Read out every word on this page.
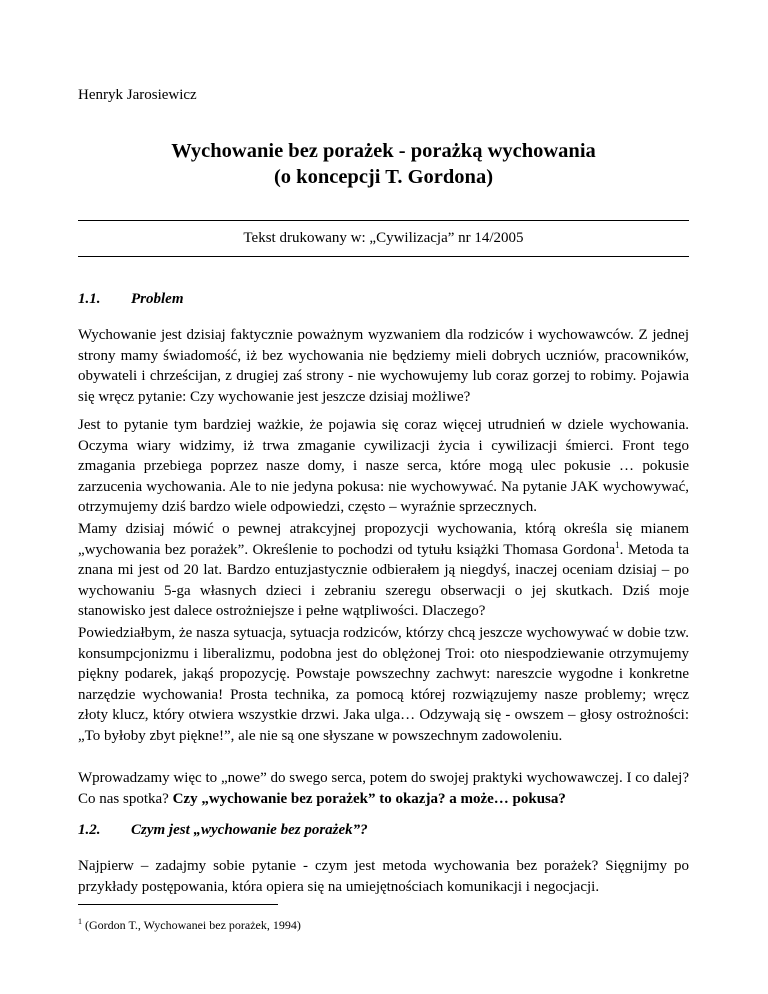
Henryk Jarosiewicz
Wychowanie bez porażek - porażką wychowania
(o koncepcji T. Gordona)
Tekst drukowany w: „Cywilizacja” nr 14/2005
1.1. Problem
Wychowanie jest dzisiaj faktycznie poważnym wyzwaniem dla rodziców i wychowawców. Z jednej strony mamy świadomość, iż bez wychowania nie będziemy mieli dobrych uczniów, pracowników, obywateli i chrześcijan, z drugiej zaś strony - nie wychowujemy lub coraz gorzej to robimy. Pojawia się wręcz pytanie: Czy wychowanie jest jeszcze dzisiaj możliwe?
Jest to pytanie tym bardziej ważkie, że pojawia się coraz więcej utrudnień w dziele wychowania. Oczyma wiary widzimy, iż trwa zmaganie cywilizacji życia i cywilizacji śmierci. Front tego zmagania przebiega poprzez nasze domy, i nasze serca, które mogą ulec pokusie … pokusie zarzucenia wychowania. Ale to nie jedyna pokusa: nie wychowywać. Na pytanie JAK wychowywać, otrzymujemy dziś bardzo wiele odpowiedzi, często – wyraźnie sprzecznych.
Mamy dzisiaj mówić o pewnej atrakcyjnej propozycji wychowania, którą określa się mianem „wychowania bez porażek”. Określenie to pochodzi od tytułu książki Thomasa Gordona$^1$. Metoda ta znana mi jest od 20 lat. Bardzo entuzjastycznie odbierałem ją niegdyś, inaczej oceniam dzisiaj – po wychowaniu 5-ga własnych dzieci i zebraniu szeregu obserwacji o jej skutkach. Dziś moje stanowisko jest dalece ostrożniejsze i pełne wątpliwości. Dlaczego?
Powiedziałbym, że nasza sytuacja, sytuacja rodziców, którzy chcą jeszcze wychowywać w dobie tzw. konsumpcjonizmu i liberalizmu, podobna jest do oblężonej Troi: oto niespodziewanie otrzymujemy piękny podarek, jakąś propozycję. Powstaje powszechny zachwyt: nareszcie wygodne i konkretne narzędzie wychowania! Prosta technika, za pomocą której rozwiązujemy nasze problemy; wręcz złoty klucz, który otwiera wszystkie drzwi. Jaka ulga… Odzywają się - owszem – głosy ostrożności: „To byłoby zbyt piękne!”, ale nie są one słyszane w powszechnym zadowoleniu.
Wprowadzamy więc to „nowe” do swego serca, potem do swojej praktyki wychowawczej. I co dalej? Co nas spotka? Czy „wychowanie bez porażek” to okazja? a może… pokusa?
1.2. Czym jest „wychowanie bez porażek”?
Najpierw – zadajmy sobie pytanie - czym jest metoda wychowania bez porażek? Sięgnijmy po przykłady postępowania, która opiera się na umiejętnościach komunikacji i negocjacji.
$^1$ (Gordon T., Wychowanei bez porażek, 1994)
